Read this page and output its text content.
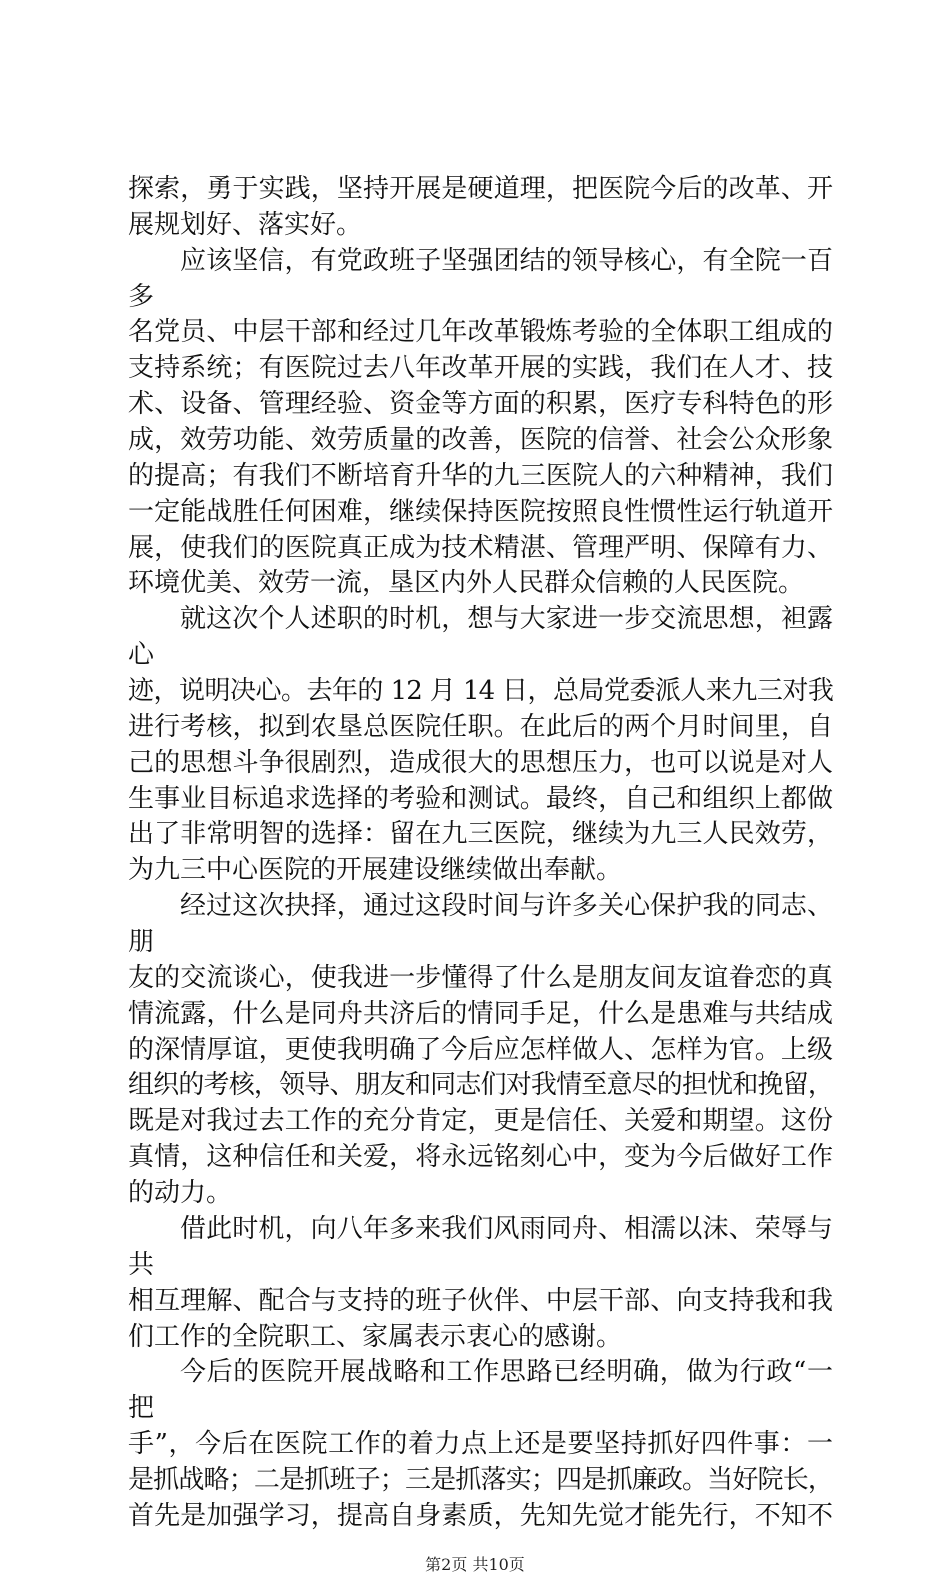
探索，勇于实践，坚持开展是硬道理，把医院今后的改革、开
展规划好、落实好。
应该坚信，有党政班子坚强团结的领导核心，有全院一百多
名党员、中层干部和经过几年改革锻炼考验的全体职工组成的
支持系统；有医院过去八年改革开展的实践，我们在人才、技
术、设备、管理经验、资金等方面的积累，医疗专科特色的形
成，效劳功能、效劳质量的改善，医院的信誉、社会公众形象
的提高；有我们不断培育升华的九三医院人的六种精神，我们
一定能战胜任何困难，继续保持医院按照良性惯性运行轨道开
展，使我们的医院真正成为技术精湛、管理严明、保障有力、
环境优美、效劳一流，垦区内外人民群众信赖的人民医院。
就这次个人述职的时机，想与大家进一步交流思想，袒露心
迹，说明决心。去年的 12 月 14 日，总局党委派人来九三对我
进行考核，拟到农垦总医院任职。在此后的两个月时间里，自
己的思想斗争很剧烈，造成很大的思想压力，也可以说是对人
生事业目标追求选择的考验和测试。最终，自己和组织上都做
出了非常明智的选择：留在九三医院，继续为九三人民效劳，
为九三中心医院的开展建设继续做出奉献。
经过这次抉择，通过这段时间与许多关心保护我的同志、朋
友的交流谈心，使我进一步懂得了什么是朋友间友谊眷恋的真
情流露，什么是同舟共济后的情同手足，什么是患难与共结成
的深情厚谊，更使我明确了今后应怎样做人、怎样为官。上级
组织的考核，领导、朋友和同志们对我情至意尽的担忧和挽留，
既是对我过去工作的充分肯定，更是信任、关爱和期望。这份
真情，这种信任和关爱，将永远铭刻心中，变为今后做好工作
的动力。
借此时机，向八年多来我们风雨同舟、相濡以沫、荣辱与共
相互理解、配合与支持的班子伙伴、中层干部、向支持我和我
们工作的全院职工、家属表示衷心的感谢。
今后的医院开展战略和工作思路已经明确，做为行政“一把
手”，今后在医院工作的着力点上还是要坚持抓好四件事：一
是抓战略；二是抓班子；三是抓落实；四是抓廉政。当好院长，
首先是加强学习，提高自身素质，先知先觉才能先行，不知不
第2页 共10页
